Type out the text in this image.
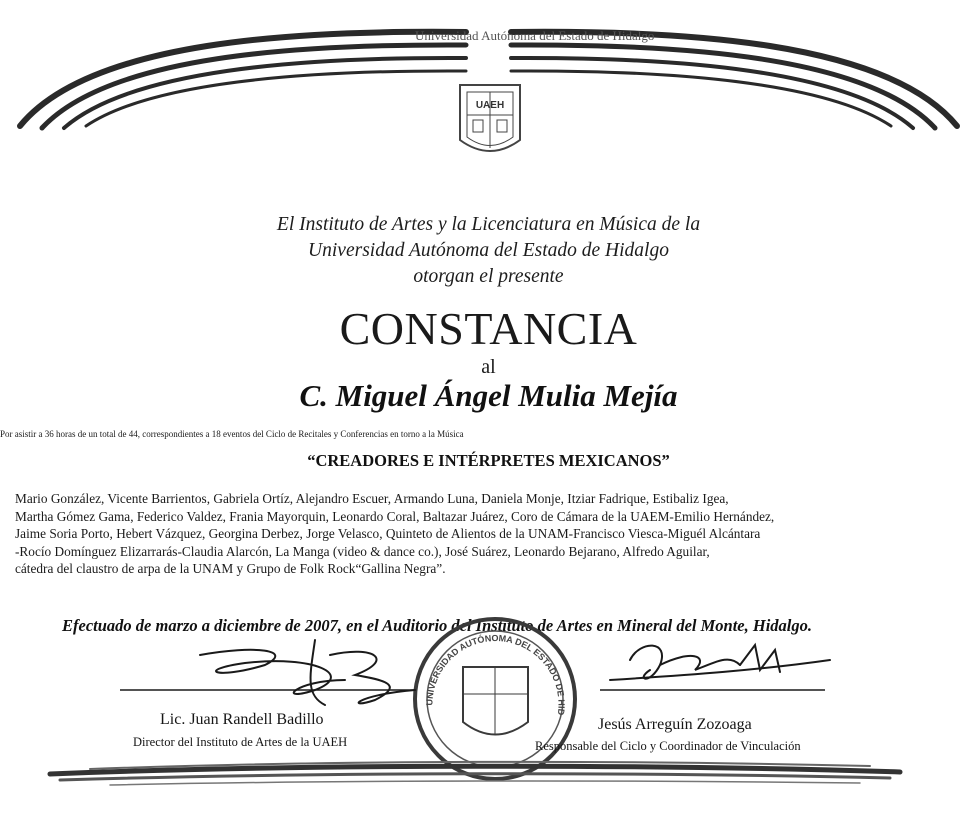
Universidad Autónoma del Estado de Hidalgo
UAEH
El Instituto de Artes y la Licenciatura en Música de la
Universidad Autónoma del Estado de Hidalgo
otorgan el presente
CONSTANCIA
al
C. Miguel Ángel Mulia Mejía
Por asistir a 36 horas de un total de 44, correspondientes a 18 eventos del Ciclo de Recitales y Conferencias en torno a la Música
“CREADORES E INTÉRPRETES MEXICANOS”
Mario González, Vicente Barrientos, Gabriela Ortíz, Alejandro Escuer, Armando Luna, Daniela Monje, Itziar Fadrique, Estibaliz Igea,
Martha Gómez Gama, Federico Valdez, Frania Mayorquin, Leonardo Coral, Baltazar Juárez, Coro de Cámara de la UAEM-Emilio Hernández,
Jaime Soria Porto, Hebert Vázquez, Georgina Derbez, Jorge Velasco, Quinteto de Alientos de la UNAM-Francisco Viesca-Miguél Alcántara
-Rocío Domínguez Elizarrarás-Claudia Alarcón, La Manga (video & dance co.), José Suárez, Leonardo Bejarano, Alfredo Aguilar,
cátedra del claustro de arpa de la UNAM y Grupo de Folk Rock“Gallina Negra”.
Efectuado de marzo a diciembre de 2007, en el Auditorio del Instituto de Artes en Mineral del Monte, Hidalgo.
UNIVERSIDAD AUTÓNOMA DEL ESTADO DE HIDALGO
Lic. Juan Randell Badillo
Director del Instituto de Artes de la UAEH
Jesús Arreguín Zozoaga
Responsable del Ciclo y Coordinador de Vinculación
